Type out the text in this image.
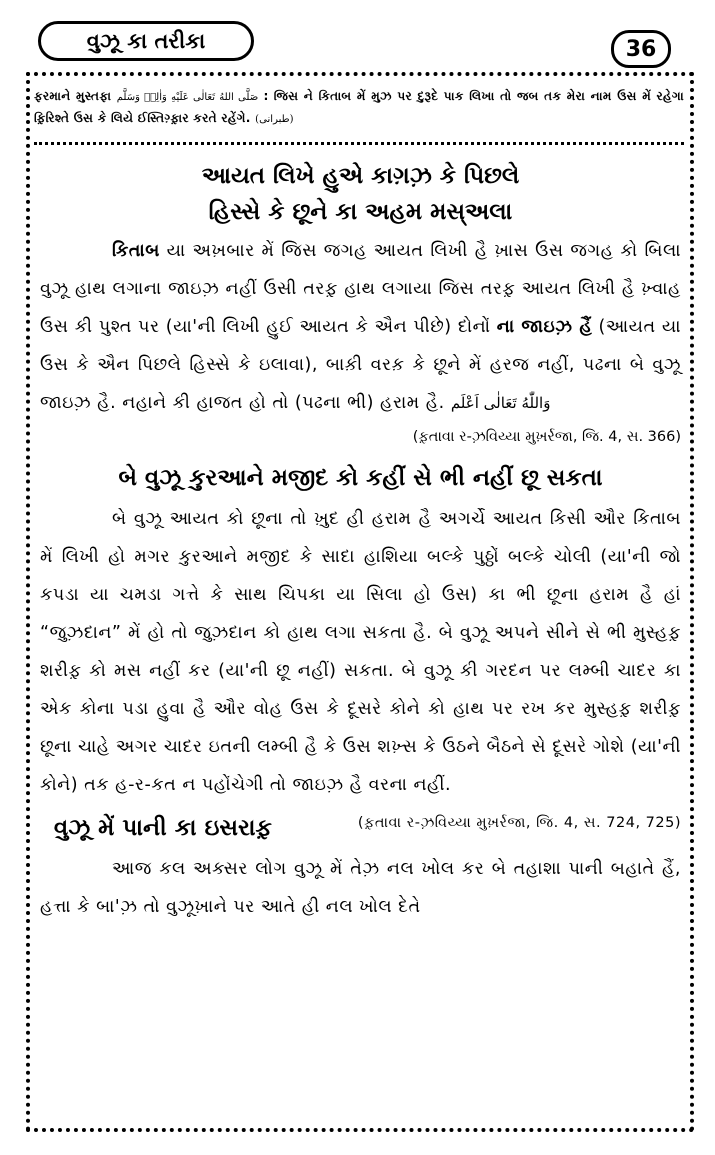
વુઝૂ કા તરીકા	36
ફરમાને મુસ્તફા صَلَّى اللهُ تَعَالٰى عَلَيْهِ وَاٰلِهٖ وَسَلَّم : જિસ ને કિતાબ મેં મુઝ પર દુરૂદે પાક લિખા તો જબ તક મેરા નામ ઉસ મેં રહેગા ફ઼િરિશ્તે ઉસ કે લિયે ઈસ્તિગ઼્ફ઼ાર કરતે રહેંગે. (طبرانی)
આયત લિખે હુએ કાગ઼ઝ઼ કે પિછલે
હિસ્સે કે છૂને કા અહમ મસ્અલા
કિતાબ યા અખ઼બાર મેં જિસ જગહ આયત લિખી હૈ ખ઼ાસ ઉસ જગહ કો બિલા વુઝૂ હાથ લગાના જાઇઝ઼ નહીં ઉસી તરફ઼ હાથ લગાયા જિસ તરફ઼ આયત લિખી હૈ ખ઼્વાહ ઉસ કી પુશ્ત પર (યા'ની લિખી હુઈ આયત કે ઐન પીછે) દોનોં ના જાઇઝ઼ હૈં (આયત યા ઉસ કે ઐન પિછલે હિસ્સે કે ઇલાવા), બાક઼ી વરક઼ કે છૂને મેં હરજ નહીં, પઢના બે વુઝૂ જાઇઝ઼ હૈ. નહાને કી હાજત હો તો (પઢના ભી) હરામ હૈ. وَاللّٰهُ تَعَالٰی اَعْلَم
(ફ઼તાવા ર-ઝ઼વિય્યા મુખ઼ર્રજા, જિ. 4, સ. 366)
બે વુઝૂ કુરઆને મજીદ કો કહીં સે ભી નહીં છૂ સકતા
બે વુઝૂ આયત કો છૂના તો ખ઼ુદ હી હરામ હૈ અગર્ચે આયત કિસી ઔર કિતાબ મેં લિખી હો મગર કુરઆને મજીદ કે સાદા હાશિયા બલ્કે પુઠ્ઠોં બલ્કે ચોલી (યા'ની જો કપડા યા ચમડા ગત્તે કે સાથ ચિપકા યા સિલા હો ઉસ) કા ભી છૂના હરામ હૈ હાં “જુઝ઼દાન” મેં હો તો જુઝ઼દાન કો હાથ લગા સકતા હૈ. બે વુઝૂ અપને સીને સે ભી મુસ્હફ઼ શરીફ઼ કો મસ નહીં કર (યા'ની છૂ નહીં) સકતા. બે વુઝૂ કી ગરદન પર લમ્બી ચાદર કા એક કોના પડા હુવા હૈ ઔર વોહ ઉસ કે દૂસરે કોને કો હાથ પર રખ કર મુસ્હફ઼ શરીફ઼ છૂના ચાહે અગર ચાદર ઇતની લમ્બી હૈ કે ઉસ શખ઼્સ કે ઉઠને બૈઠને સે દૂસરે ગોશે (યા'ની કોને) તક હ-ર-કત ન પહોંચેગી તો જાઇઝ઼ હૈ વરના નહીં.
(ફ઼તાવા ર-ઝ઼વિય્યા મુખ઼ર્રજા, જિ. 4, સ. 724, 725)
વુઝૂ મેં પાની કા ઇસરાફ઼
આજ કલ અક્સર લોગ વુઝૂ મેં તેઝ઼ નલ ખોલ કર બે તહાશા પાની બહાતે હૈં, હત્તા કે બા'ઝ઼ તો વુઝૂખ઼ાને પર આતે હી નલ ખોલ દેતે
